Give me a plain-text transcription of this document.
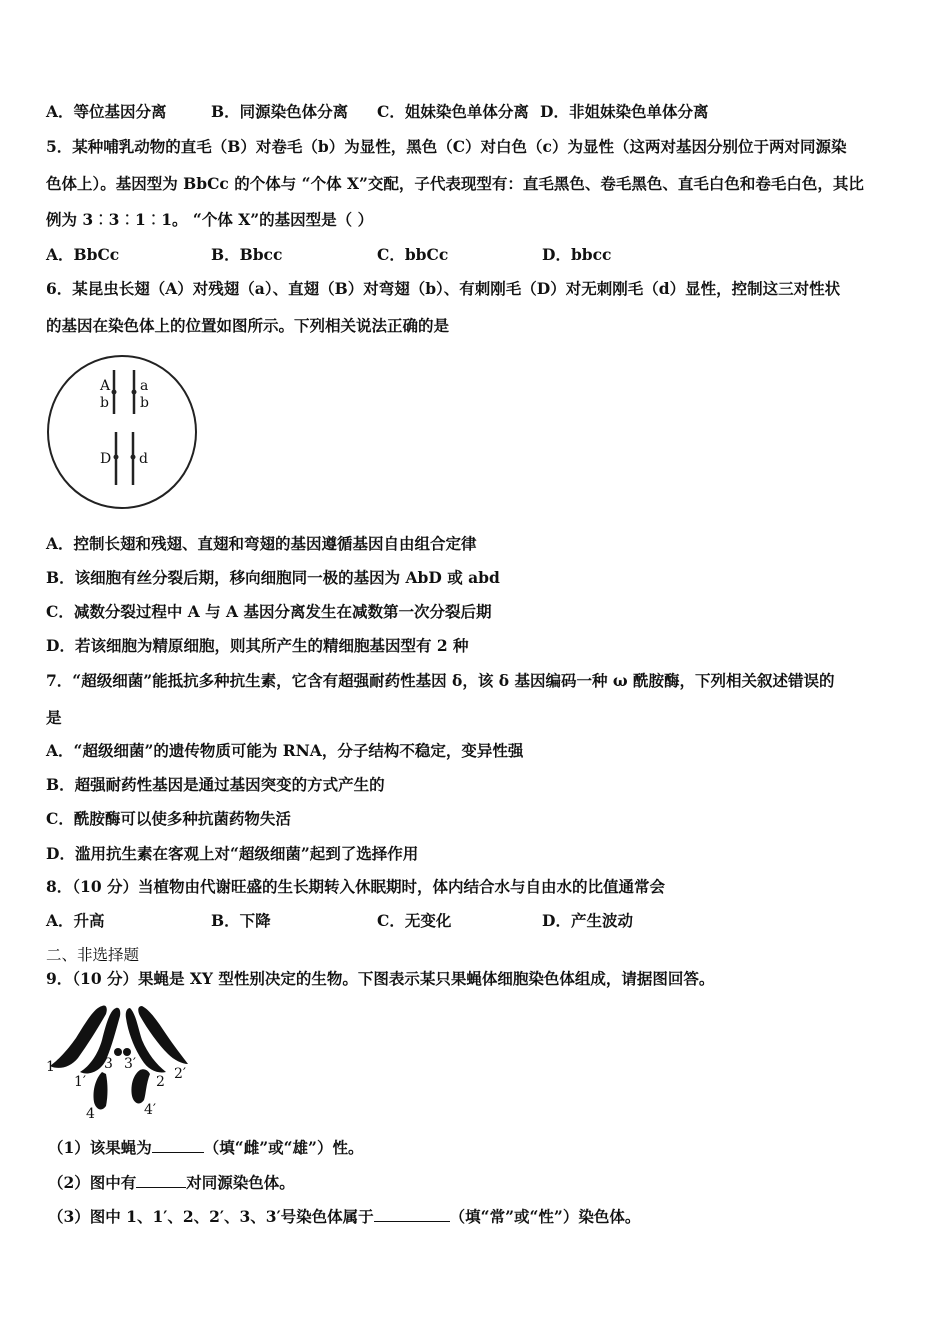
A．等位基因分离	B．同源染色体分离 C．姐妹染色单体分离 D．非姐妹染色单体分离
5．某种哺乳动物的直毛（B）对卷毛（b）为显性，黑色（C）对白色（c）为显性（这两对基因分别位于两对同源染
色体上）。基因型为 BbCc 的个体与 “个体 X”交配，子代表现型有：直毛黑色、卷毛黑色、直毛白色和卷毛白色，其比
例为 3︰3︰1︰1。 “个体 X”的基因型是（ ）
A．BbCc	B．Bbcc	C．bbCc	D．bbcc
6．某昆虫长翅（A）对残翅（a）、直翅（B）对弯翅（b）、有刺刚毛（D）对无刺刚毛（d）显性，控制这三对性状
的基因在染色体上的位置如图所示。下列相关说法正确的是
A a
b b
D d
A．控制长翅和残翅、直翅和弯翅的基因遵循基因自由组合定律
B．该细胞有丝分裂后期，移向细胞同一极的基因为 AbD 或 abd
C．减数分裂过程中 A 与 A 基因分离发生在减数第一次分裂后期
D．若该细胞为精原细胞，则其所产生的精细胞基因型有 2 种
7．“超级细菌”能抵抗多种抗生素，它含有超强耐药性基因 δ，该 δ 基因编码一种 ω 酰胺酶，下列相关叙述错误的
是
A．“超级细菌”的遗传物质可能为 RNA，分子结构不稳定，变异性强
B．超强耐药性基因是通过基因突变的方式产生的
C．酰胺酶可以使多种抗菌药物失活
D．滥用抗生素在客观上对“超级细菌”起到了选择作用
8．（10 分）当植物由代谢旺盛的生长期转入休眠期时，体内结合水与自由水的比值通常会
A．升高	B．下降	C．无变化	D．产生波动
二、非选择题
9．（10 分）果蝇是 XY 型性别决定的生物。下图表示某只果蝇体细胞染色体组成，请据图回答。
1
1′
3 3′
2 2′
4	4′
（1）该果蝇为	（填“雌”或“雄”）性。
（2）图中有	对同源染色体。
（3）图中 1、1′、2、2′、3、3′号染色体属于	（填“常”或“性”）染色体。
